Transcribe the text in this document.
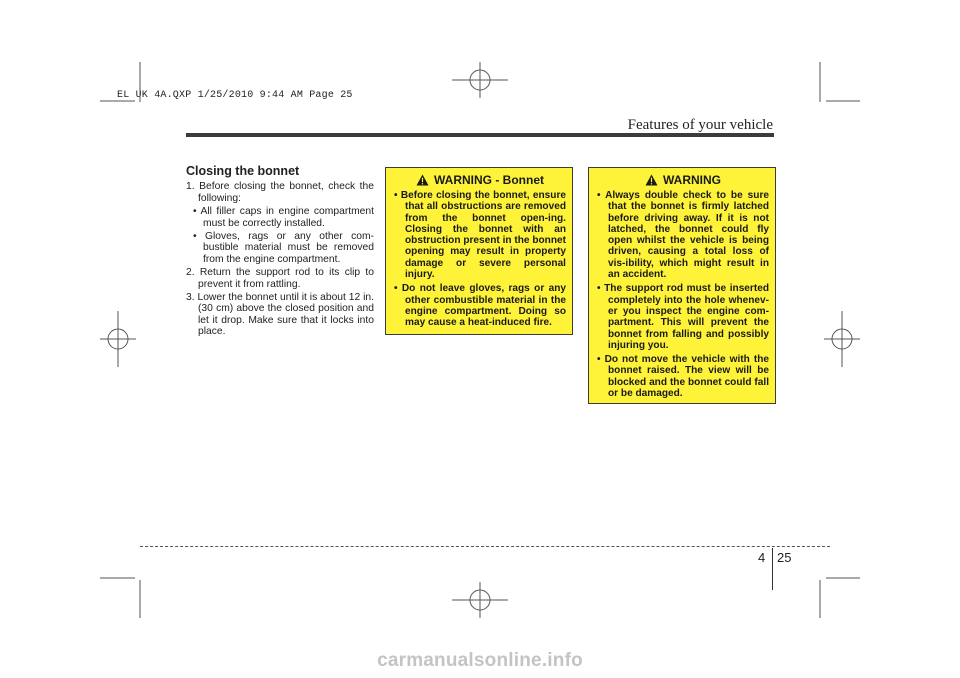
EL UK 4A.QXP 1/25/2010 9:44 AM Page 25
Features of your vehicle
Closing the bonnet

1. Before closing the bonnet, check the following:

• All filler caps in engine compartment must be correctly installed.

• Gloves, rags or any other com-bustible material must be removed from the engine compartment.

2. Return the support rod to its clip to prevent it from rattling.

3. Lower the bonnet until it is about 12 in. (30 cm) above the closed position and let it drop. Make sure that it locks into place.

WARNING - Bonnet

• Before closing the bonnet, ensure that all obstructions are removed from the bonnet open-ing. Closing the bonnet with an obstruction present in the bonnet opening may result in property damage or severe personal injury.

• Do not leave gloves, rags or any other combustible material in the engine compartment. Doing so may cause a heat-induced fire.

WARNING

• Always double check to be sure that the bonnet is firmly latched before driving away. If it is not latched, the bonnet could fly open whilst the vehicle is being driven, causing a total loss of vis-ibility, which might result in an accident.

• The support rod must be inserted completely into the hole whenev-er you inspect the engine com-partment. This will prevent the bonnet from falling and possibly injuring you.

• Do not move the vehicle with the bonnet raised. The view will be blocked and the bonnet could fall or be damaged.

4 25
carmanualsonline.info
